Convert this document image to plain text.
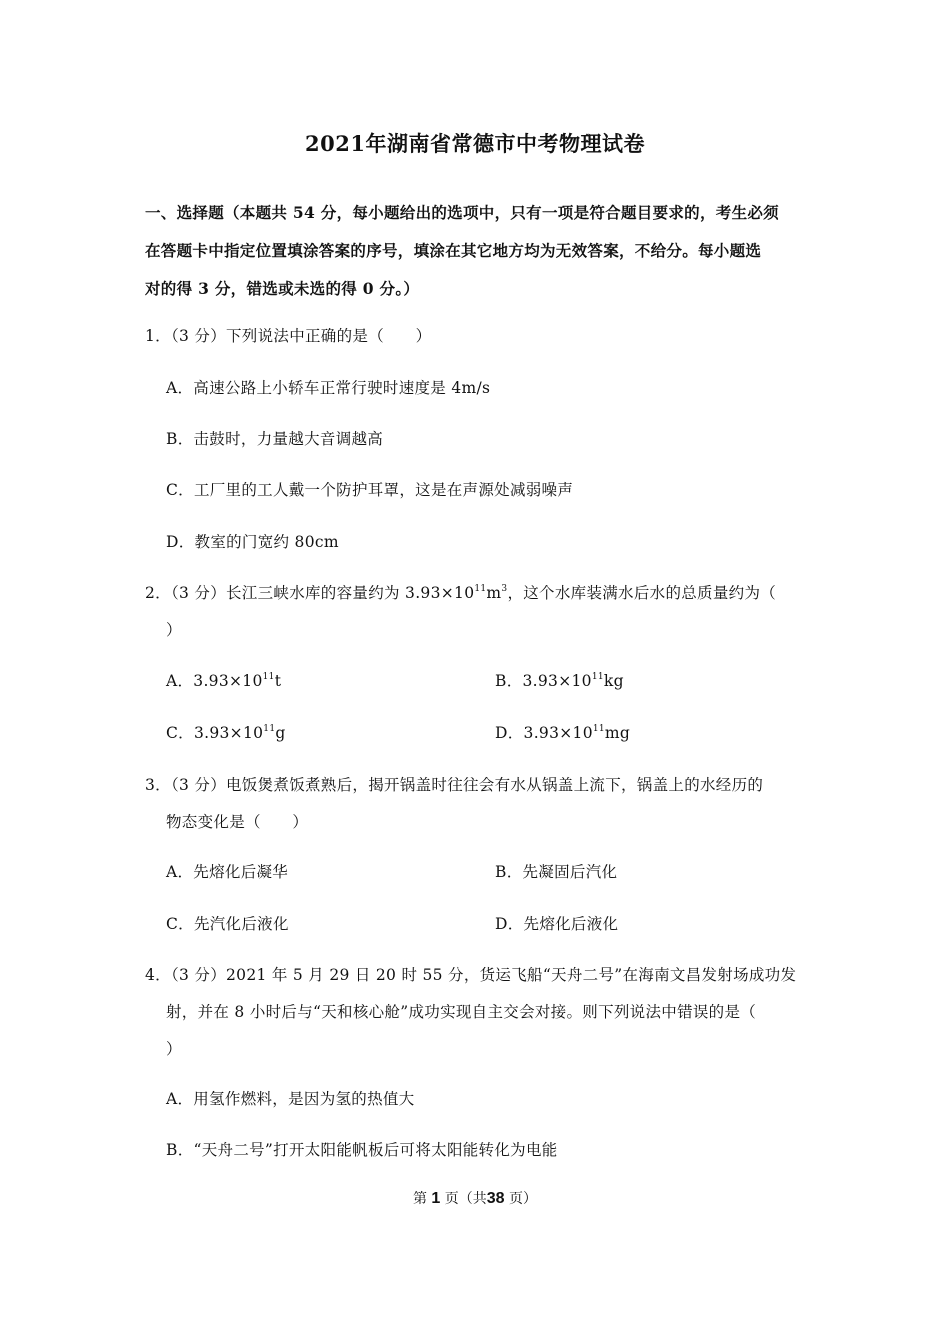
2021年湖南省常德市中考物理试卷
一、选择题（本题共 54 分，每小题给出的选项中，只有一项是符合题目要求的，考生必须
在答题卡中指定位置填涂答案的序号，填涂在其它地方均为无效答案，不给分。每小题选
对的得 3 分，错选或未选的得 0 分。）
1．（3 分）下列说法中正确的是（　　）
A．高速公路上小轿车正常行驶时速度是 4m/s
B．击鼓时，力量越大音调越高
C．工厂里的工人戴一个防护耳罩，这是在声源处减弱噪声
D．教室的门宽约 80cm
2．（3 分）长江三峡水库的容量约为 $3.93\times 10^{11}m^3$，这个水库装满水后水的总质量约为（
）
A．$3.93\times 10^{11}t$	B．$3.93\times 10^{11}kg$
C．$3.93\times 10^{11}g$	D．$3.93\times 10^{11}mg$
3．（3 分）电饭煲煮饭煮熟后，揭开锅盖时往往会有水从锅盖上流下，锅盖上的水经历的
物态变化是（　　）
A．先熔化后凝华	B．先凝固后汽化
C．先汽化后液化	D．先熔化后液化
4．（3 分）2021 年 5 月 29 日 20 时 55 分，货运飞船“天舟二号”在海南文昌发射场成功发
射，并在 8 小时后与“天和核心舱”成功实现自主交会对接。则下列说法中错误的是（
）
A．用氢作燃料，是因为氢的热值大
B．“天舟二号”打开太阳能帆板后可将太阳能转化为电能
第 1 页（共38 页）
